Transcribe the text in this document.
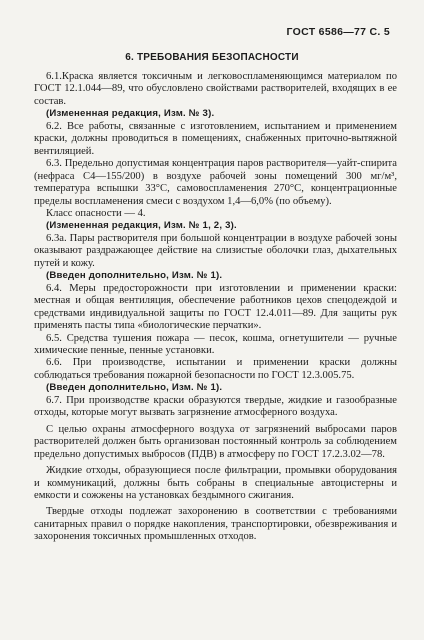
ГОСТ 6586—77 С. 5
6. ТРЕБОВАНИЯ БЕЗОПАСНОСТИ

6.1.Краска является токсичным и легковоспламеняющимся материалом по ГОСТ 12.1.044—89, что обусловлено свойствами растворителей, входящих в ее состав.

(Измененная редакция, Изм. № 3).

6.2. Все работы, связанные с изготовлением, испытанием и применением краски, должны проводиться в помещениях, снабженных приточно-вытяжной вентиляцией.

6.3. Предельно допустимая концентрация паров растворителя—уайт-спирита (нефраса С4—155/200) в воздухе рабочей зоны помещений 300 мг/м³, температура вспышки 33°С, самовоспламенения 270°С, концентрационные пределы воспламенения смеси с воздухом 1,4—6,0% (по объему).

Класс опасности — 4.

(Измененная редакция, Изм. № 1, 2, 3).

6.3а. Пары растворителя при большой концентрации в воздухе рабочей зоны оказывают раздражающее действие на слизистые оболочки глаз, дыхательных путей и кожу.

(Введен дополнительно, Изм. № 1).

6.4. Меры предосторожности при изготовлении и применении краски: местная и общая вентиляция, обеспечение работников цехов спецодеждой и средствами индивидуальной защиты по ГОСТ 12.4.011—89. Для защиты рук применять пасты типа «биологические перчатки».

6.5. Средства тушения пожара — песок, кошма, огнетушители — ручные химические пенные, пенные установки.

6.6. При производстве, испытании и применении краски должны соблюдаться требования пожарной безопасности по ГОСТ 12.3.005.75.

(Введен дополнительно, Изм. № 1).

6.7. При производстве краски образуются твердые, жидкие и газообразные отходы, которые могут вызвать загрязнение атмосферного воздуха.

С целью охраны атмосферного воздуха от загрязнений выбросами паров растворителей должен быть организован постоянный контроль за соблюдением предельно допустимых выбросов (ПДВ) в атмосферу по ГОСТ 17.2.3.02—78.

Жидкие отходы, образующиеся после фильтрации, промывки оборудования и коммуникаций, должны быть собраны в специальные автоцистерны и емкости и сожжены на установках бездымного сжигания.

Твердые отходы подлежат захоронению в соответствии с требованиями санитарных правил о порядке накопления, транспортировки, обезвреживания и захоронения токсичных промышленных отходов.
